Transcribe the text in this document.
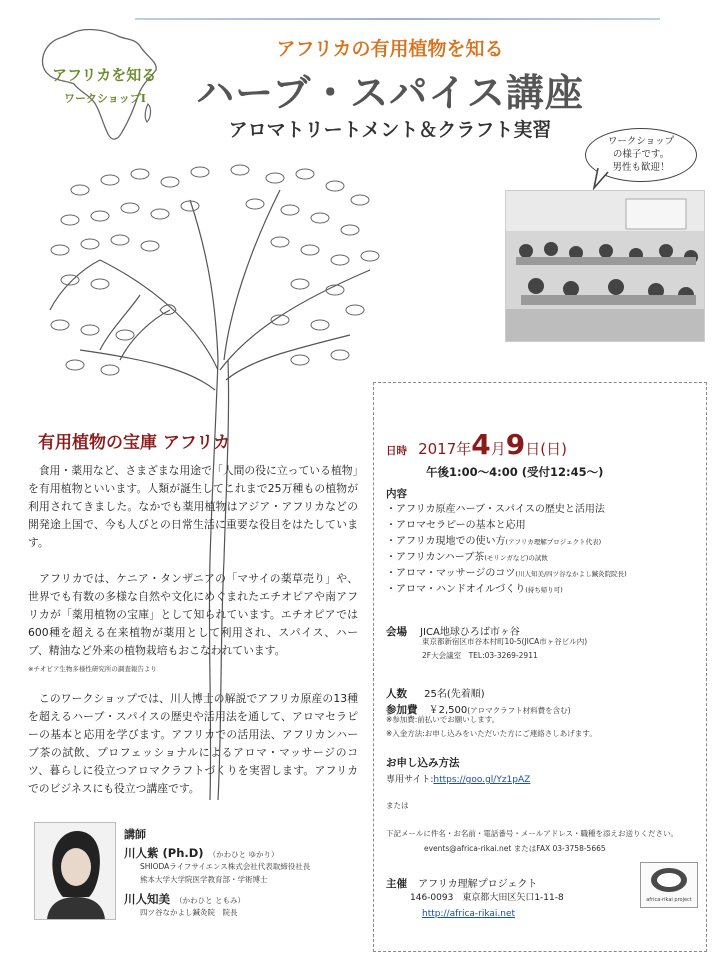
アフリカを知る
ワークショップⅠ
アフリカの有用植物を知る
ハーブ・スパイス講座
アロマトリートメント＆クラフト実習
ワークショップ
の様子です。
男性も歓迎！
有用植物の宝庫 アフリカ
　食用・薬用など、さまざまな用途で「人間の役に立っている植物」を有用植物といいます。人類が誕生してこれまで25万種もの植物が利用されてきました。なかでも薬用植物はアジア・アフリカなどの開発途上国で、今も人びとの日常生活に重要な役目をはたしています。
　アフリカでは、ケニア・タンザニアの「マサイの薬草売り」や、世界でも有数の多様な自然や文化にめぐまれたエチオピアや南アフリカが「薬用植物の宝庫」として知られています。エチオピアでは600種を超える在来植物が薬用として利用され、スパイス、ハーブ、精油など外来の植物栽培もおこなわれています。
※チオピア生物多様性研究所の調査報告より
　このワークショップでは、川人博士の解説でアフリカ原産の13種を超えるハーブ・スパイスの歴史や活用法を通して、アロマセラピーの基本と応用を学びます。アフリカでの活用法、アフリカンハーブ茶の試飲、プロフェッショナルによるアロマ・マッサージのコツ、暮らしに役立つアロマクラフトづくりを実習します。アフリカでのビジネスにも役立つ講座です。
講師
川人紫 (Ph.D) （かわひと ゆかり）
SHIODAライフサイエンス株式会社代表取締役社長
熊本大学大学院医学教育部・学術博士
川人知美 （かわひと ともみ）
四ツ谷なかよし鍼灸院　院長
日時 2017年4月9日(日)
午後1:00〜4:00 (受付12:45〜)
内容
・アフリカ原産ハーブ・スパイスの歴史と活用法
・アロマセラピーの基本と応用
・アフリカ現地での使い方(アフリカ理解プロジェクト代表)
・アフリカンハーブ茶(モリンガなど)の試飲
・アロマ・マッサージのコツ(川人知美/四ツ谷なかよし鍼灸院院長)
・アロマ・ハンドオイルづくり(持ち帰り可)
会場 JICA地球ひろば市ヶ谷
東京都新宿区市谷本村町10-5(JICA市ヶ谷ビル内)
2F大会議室　TEL:03-3269-2911
人数 25名(先着順)
参加費 ￥2,500(アロマクラフト材料費を含む)
※参加費:前払いでお願いします。
※入金方法:お申し込みをいただいた方にご連絡さしあげます。
お申し込み方法
専用サイト:https://goo.gl/Yz1pAZ
または
下記メールに件名・お名前・電話番号・メールアドレス・職種を添えお送りください。
events@africa-rikai.net またはFAX 03-3758-5665
主催 アフリカ理解プロジェクト
146-0093　東京都大田区矢口1-11-8
http://africa-rikai.net
africa-rikai project
